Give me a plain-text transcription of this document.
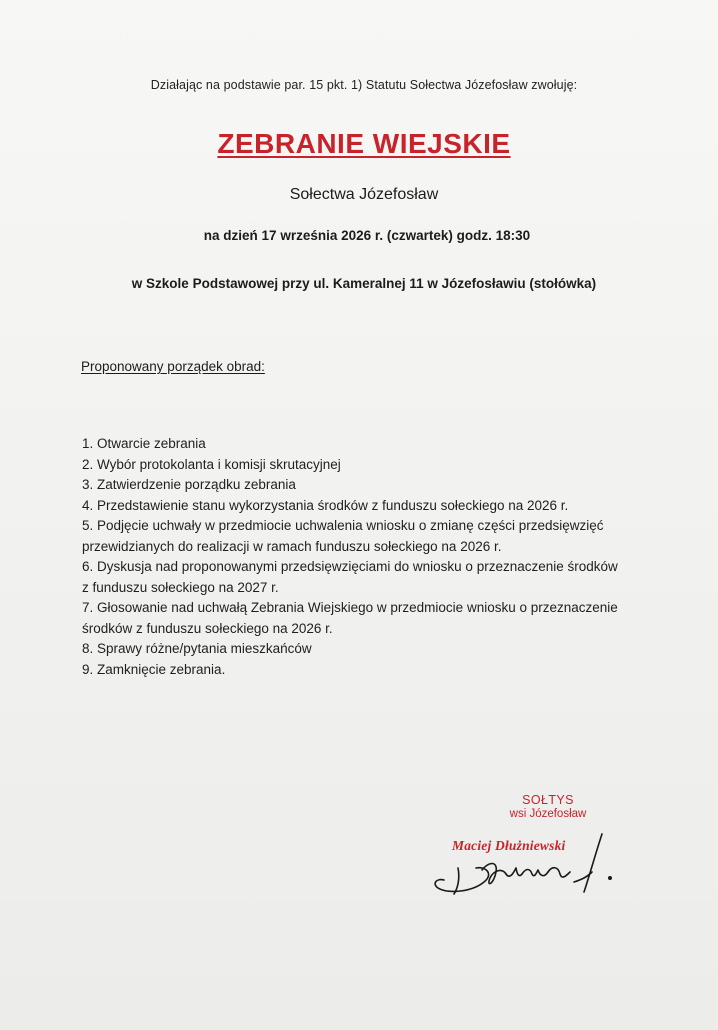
Działając na podstawie par. 15 pkt. 1) Statutu Sołectwa Józefosław zwołuję:
ZEBRANIE WIEJSKIE
Sołectwa Józefosław
na dzień 17 września 2026 r. (czwartek) godz. 18:30
w Szkole Podstawowej przy ul. Kameralnej 11 w Józefosławiu (stołówka)
Proponowany porządek obrad:
1. Otwarcie zebrania
2. Wybór protokolanta i komisji skrutacyjnej
3. Zatwierdzenie porządku zebrania
4. Przedstawienie stanu wykorzystania środków z funduszu sołeckiego na 2026 r.
5. Podjęcie uchwały w przedmiocie uchwalenia wniosku o zmianę części przedsięwzięć
przewidzianych do realizacji w ramach funduszu sołeckiego na 2026 r.
6. Dyskusja nad proponowanymi przedsięwzięciami do wniosku o przeznaczenie środków
z funduszu sołeckiego na 2027 r.
7. Głosowanie nad uchwałą Zebrania Wiejskiego w przedmiocie wniosku o przeznaczenie
środków z funduszu sołeckiego na 2026 r.
8. Sprawy różne/pytania mieszkańców
9. Zamknięcie zebrania.
SOŁTYS
wsi Józefosław
Maciej Dłużniewski
